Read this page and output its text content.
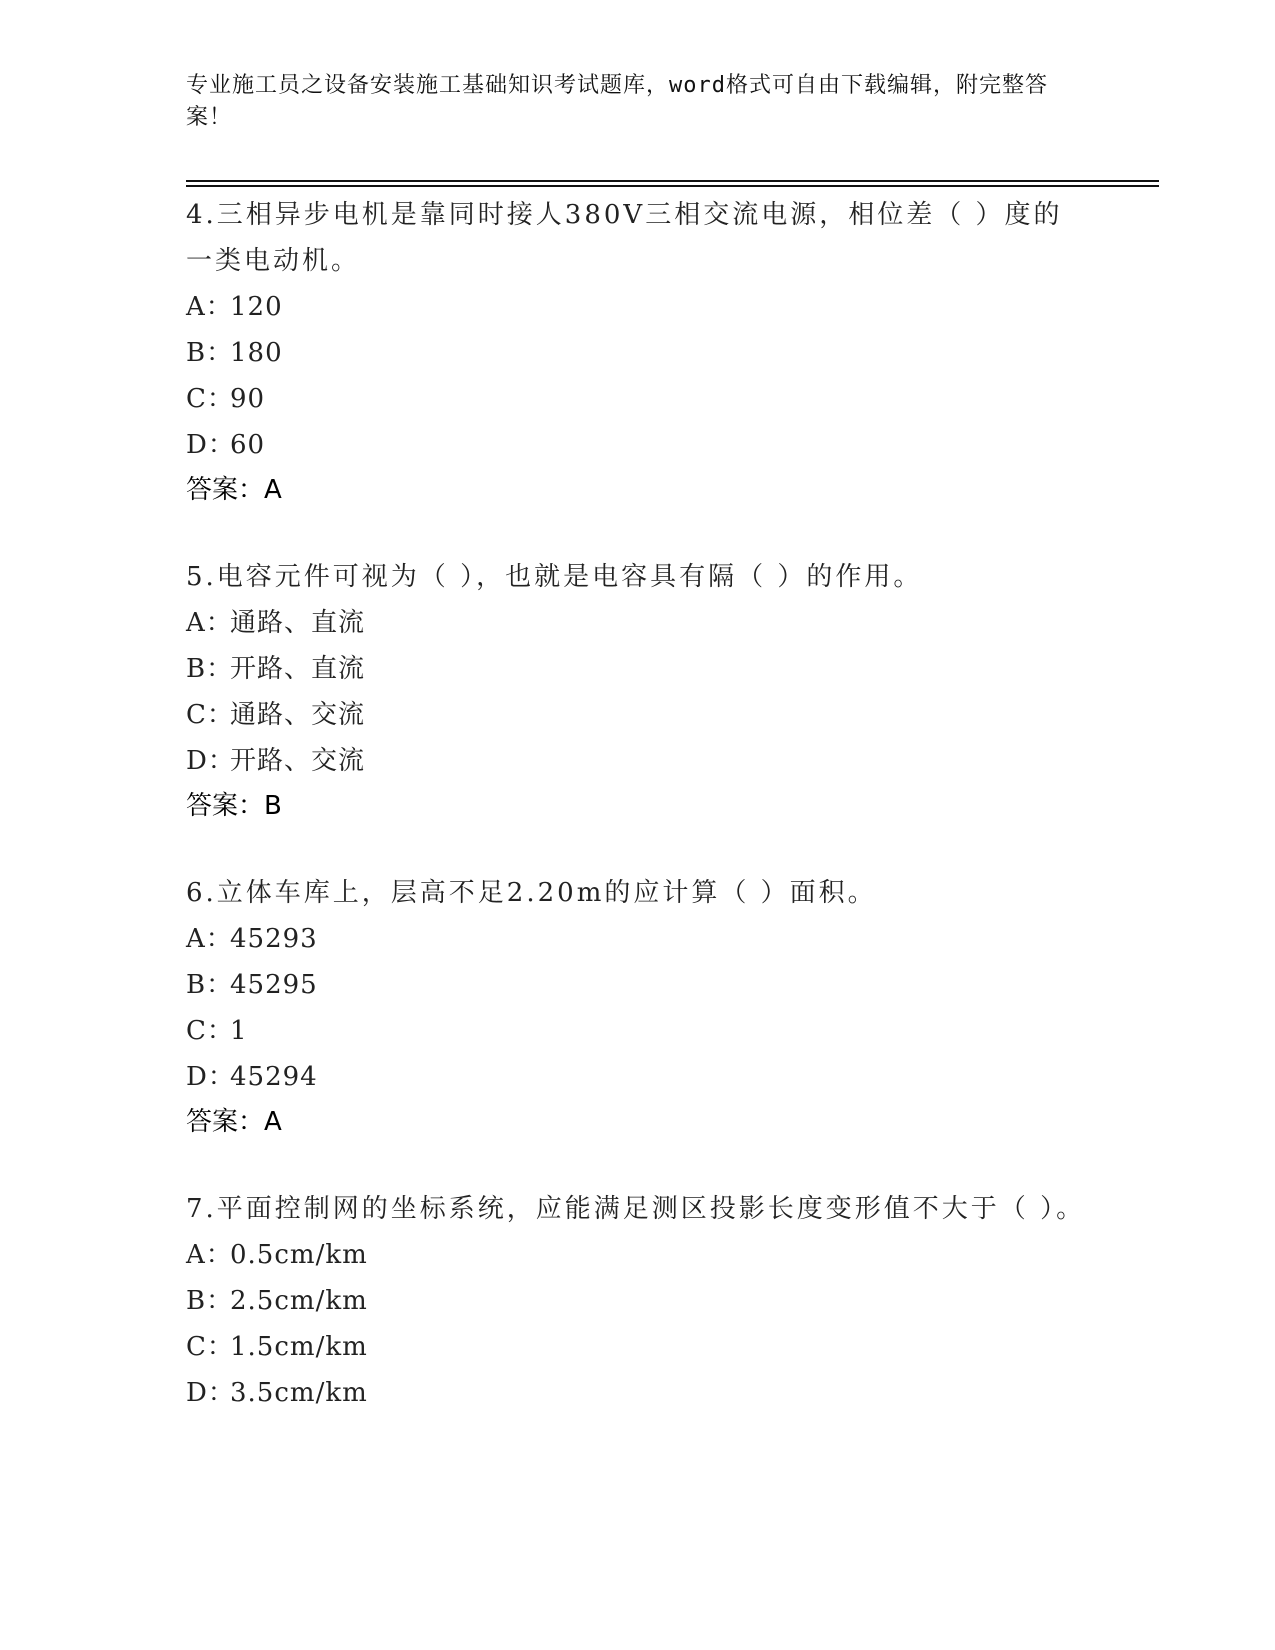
专业施工员之设备安装施工基础知识考试题库，word格式可自由下载编辑，附完整答案！

4.三相异步电机是靠同时接人380V三相交流电源，相位差（ ）度的一类电动机。

A：
120

B：
180

C：
90

D：
60

答案：A

5.电容元件可视为（ ），也就是电容具有隔（ ）的作用。

A：
通路、直流

B：
开路、直流

C：
通路、交流

D：
开路、交流

答案：B

6.立体车库上，层高不足2.20m的应计算（ ）面积。

A：
45293

B：
45295

C：
1

D：
45294

答案：A

7.平面控制网的坐标系统，应能满足测区投影长度变形值不大于（ ）。

A：
0.5cm/km

B：
2.5cm/km

C：
1.5cm/km

D：
3.5cm/km
